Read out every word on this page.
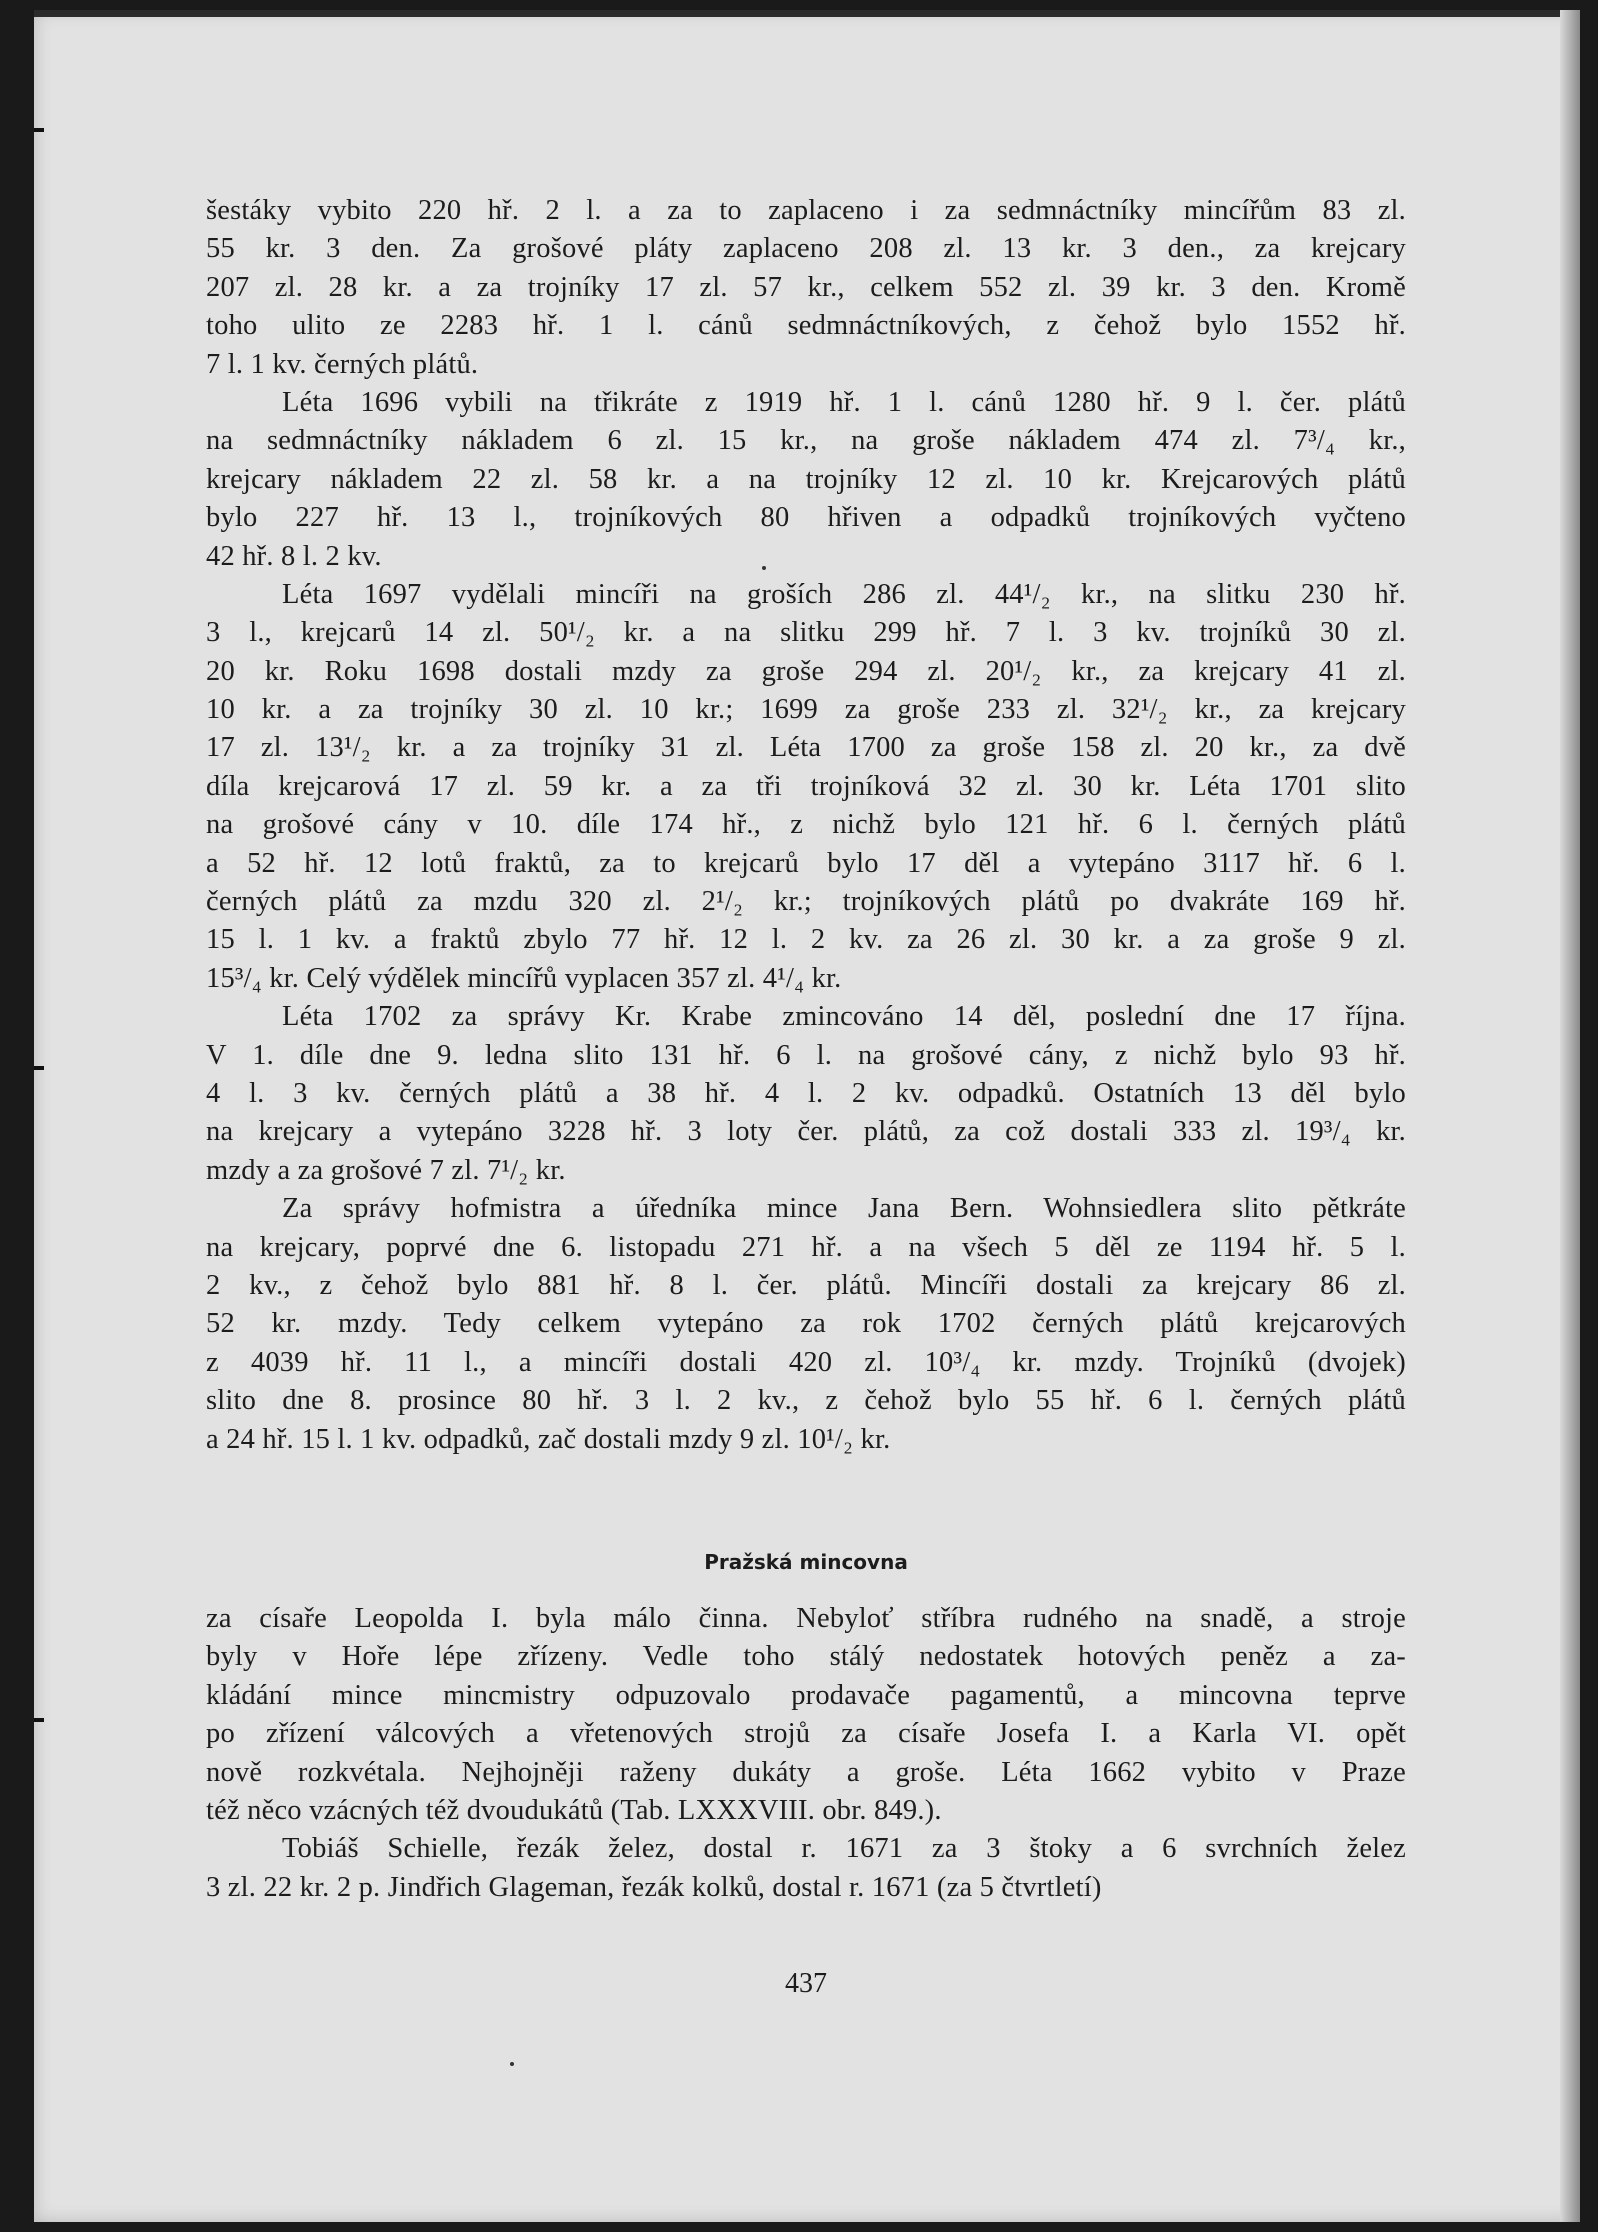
šestáky vybito 220 hř. 2 l. a za to zaplaceno i za sedmnáctníky mincířům 83 zl.
55 kr. 3 den. Za grošové pláty zaplaceno 208 zl. 13 kr. 3 den., za krejcary
207 zl. 28 kr. a za trojníky 17 zl. 57 kr., celkem 552 zl. 39 kr. 3 den. Kromě
toho ulito ze 2283 hř. 1 l. cánů sedmnáctníkových, z čehož bylo 1552 hř.
7 l. 1 kv. černých plátů.
Léta 1696 vybili na třikráte z 1919 hř. 1 l. cánů 1280 hř. 9 l. čer. plátů
na sedmnáctníky nákladem 6 zl. 15 kr., na groše nákladem 474 zl. 7³/₄ kr.,
krejcary nákladem 22 zl. 58 kr. a na trojníky 12 zl. 10 kr. Krejcarových plátů
bylo 227 hř. 13 l., trojníkových 80 hřiven a odpadků trojníkových vyčteno
42 hř. 8 l. 2 kv.
Léta 1697 vydělali mincíři na groších 286 zl. 44¹/₂ kr., na slitku 230 hř.
3 l., krejcarů 14 zl. 50¹/₂ kr. a na slitku 299 hř. 7 l. 3 kv. trojníků 30 zl.
20 kr. Roku 1698 dostali mzdy za groše 294 zl. 20¹/₂ kr., za krejcary 41 zl.
10 kr. a za trojníky 30 zl. 10 kr.; 1699 za groše 233 zl. 32¹/₂ kr., za krejcary
17 zl. 13¹/₂ kr. a za trojníky 31 zl. Léta 1700 za groše 158 zl. 20 kr., za dvě
díla krejcarová 17 zl. 59 kr. a za tři trojníková 32 zl. 30 kr. Léta 1701 slito
na grošové cány v 10. díle 174 hř., z nichž bylo 121 hř. 6 l. černých plátů
a 52 hř. 12 lotů fraktů, za to krejcarů bylo 17 děl a vytepáno 3117 hř. 6 l.
černých plátů za mzdu 320 zl. 2¹/₂ kr.; trojníkových plátů po dvakráte 169 hř.
15 l. 1 kv. a fraktů zbylo 77 hř. 12 l. 2 kv. za 26 zl. 30 kr. a za groše 9 zl.
15³/₄ kr. Celý výdělek mincířů vyplacen 357 zl. 4¹/₄ kr.
Léta 1702 za správy Kr. Krabe zmincováno 14 děl, poslední dne 17 října.
V 1. díle dne 9. ledna slito 131 hř. 6 l. na grošové cány, z nichž bylo 93 hř.
4 l. 3 kv. černých plátů a 38 hř. 4 l. 2 kv. odpadků. Ostatních 13 děl bylo
na krejcary a vytepáno 3228 hř. 3 loty čer. plátů, za což dostali 333 zl. 19³/₄ kr.
mzdy a za grošové 7 zl. 7¹/₂ kr.
Za správy hofmistra a úředníka mince Jana Bern. Wohnsiedlera slito pětkráte
na krejcary, poprvé dne 6. listopadu 271 hř. a na všech 5 děl ze 1194 hř. 5 l.
2 kv., z čehož bylo 881 hř. 8 l. čer. plátů. Mincíři dostali za krejcary 86 zl.
52 kr. mzdy. Tedy celkem vytepáno za rok 1702 černých plátů krejcarových
z 4039 hř. 11 l., a mincíři dostali 420 zl. 10³/₄ kr. mzdy. Trojníků (dvojek)
slito dne 8. prosince 80 hř. 3 l. 2 kv., z čehož bylo 55 hř. 6 l. černých plátů
a 24 hř. 15 l. 1 kv. odpadků, zač dostali mzdy 9 zl. 10¹/₂ kr.
Pražská mincovna
za císaře Leopolda I. byla málo činna. Nebyloť stříbra rudného na snadě, a stroje
byly v Hoře lépe zřízeny. Vedle toho stálý nedostatek hotových peněz a za-
kládání mince mincmistry odpuzovalo prodavače pagamentů, a mincovna teprve
po zřízení válcových a vřetenových strojů za císaře Josefa I. a Karla VI. opět
nově rozkvétala. Nejhojněji raženy dukáty a groše. Léta 1662 vybito v Praze
též něco vzácných též dvoudukátů (Tab. LXXXVIII. obr. 849.).
Tobiáš Schielle, řezák želez, dostal r. 1671 za 3 štoky a 6 svrchních želez
3 zl. 22 kr. 2 p. Jindřich Glageman, řezák kolků, dostal r. 1671 (za 5 čtvrtletí)
437
